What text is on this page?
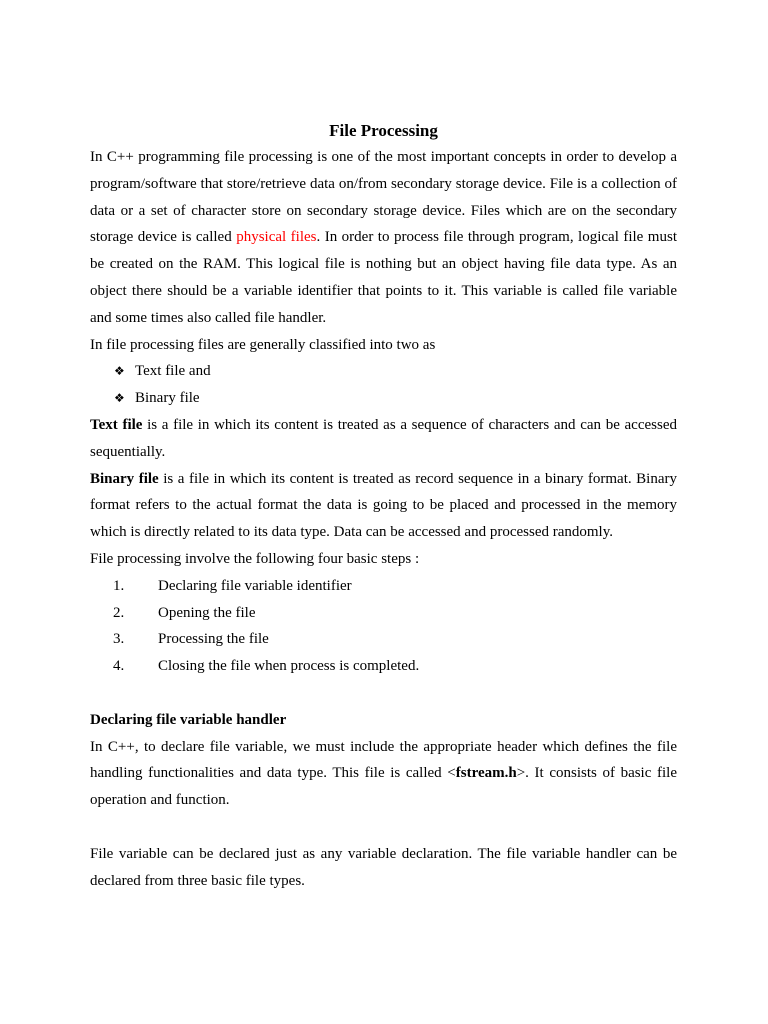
File Processing

In C++ programming file processing is one of the most important concepts in order to develop a program/software that store/retrieve data on/from secondary storage device. File is a collection of data or a set of character store on secondary storage device. Files which are on the secondary storage device is called physical files. In order to process file through program, logical file must be created on the RAM. This logical file is nothing but an object having file data type. As an object there should be a variable identifier that points to it. This variable is called file variable and some times also called file handler.

In file processing files are generally classified into two as

❖ Text file and
❖ Binary file

Text file is a file in which its content is treated as a sequence of characters and can be accessed sequentially.

Binary file is a file in which its content is treated as record sequence in a binary format. Binary format refers to the actual format the data is going to be placed and processed in the memory which is directly related to its data type. Data can be accessed and processed randomly.

File processing involve the following four basic steps :

1. Declaring file variable identifier
2. Opening the file
3. Processing the file
4. Closing the file when process is completed.

Declaring file variable handler

In C++, to declare file variable, we must include the appropriate header which defines the file handling functionalities and data type. This file is called <fstream.h>. It consists of basic file operation and function.

File variable can be declared just as any variable declaration. The file variable handler can be declared from three basic file types.
